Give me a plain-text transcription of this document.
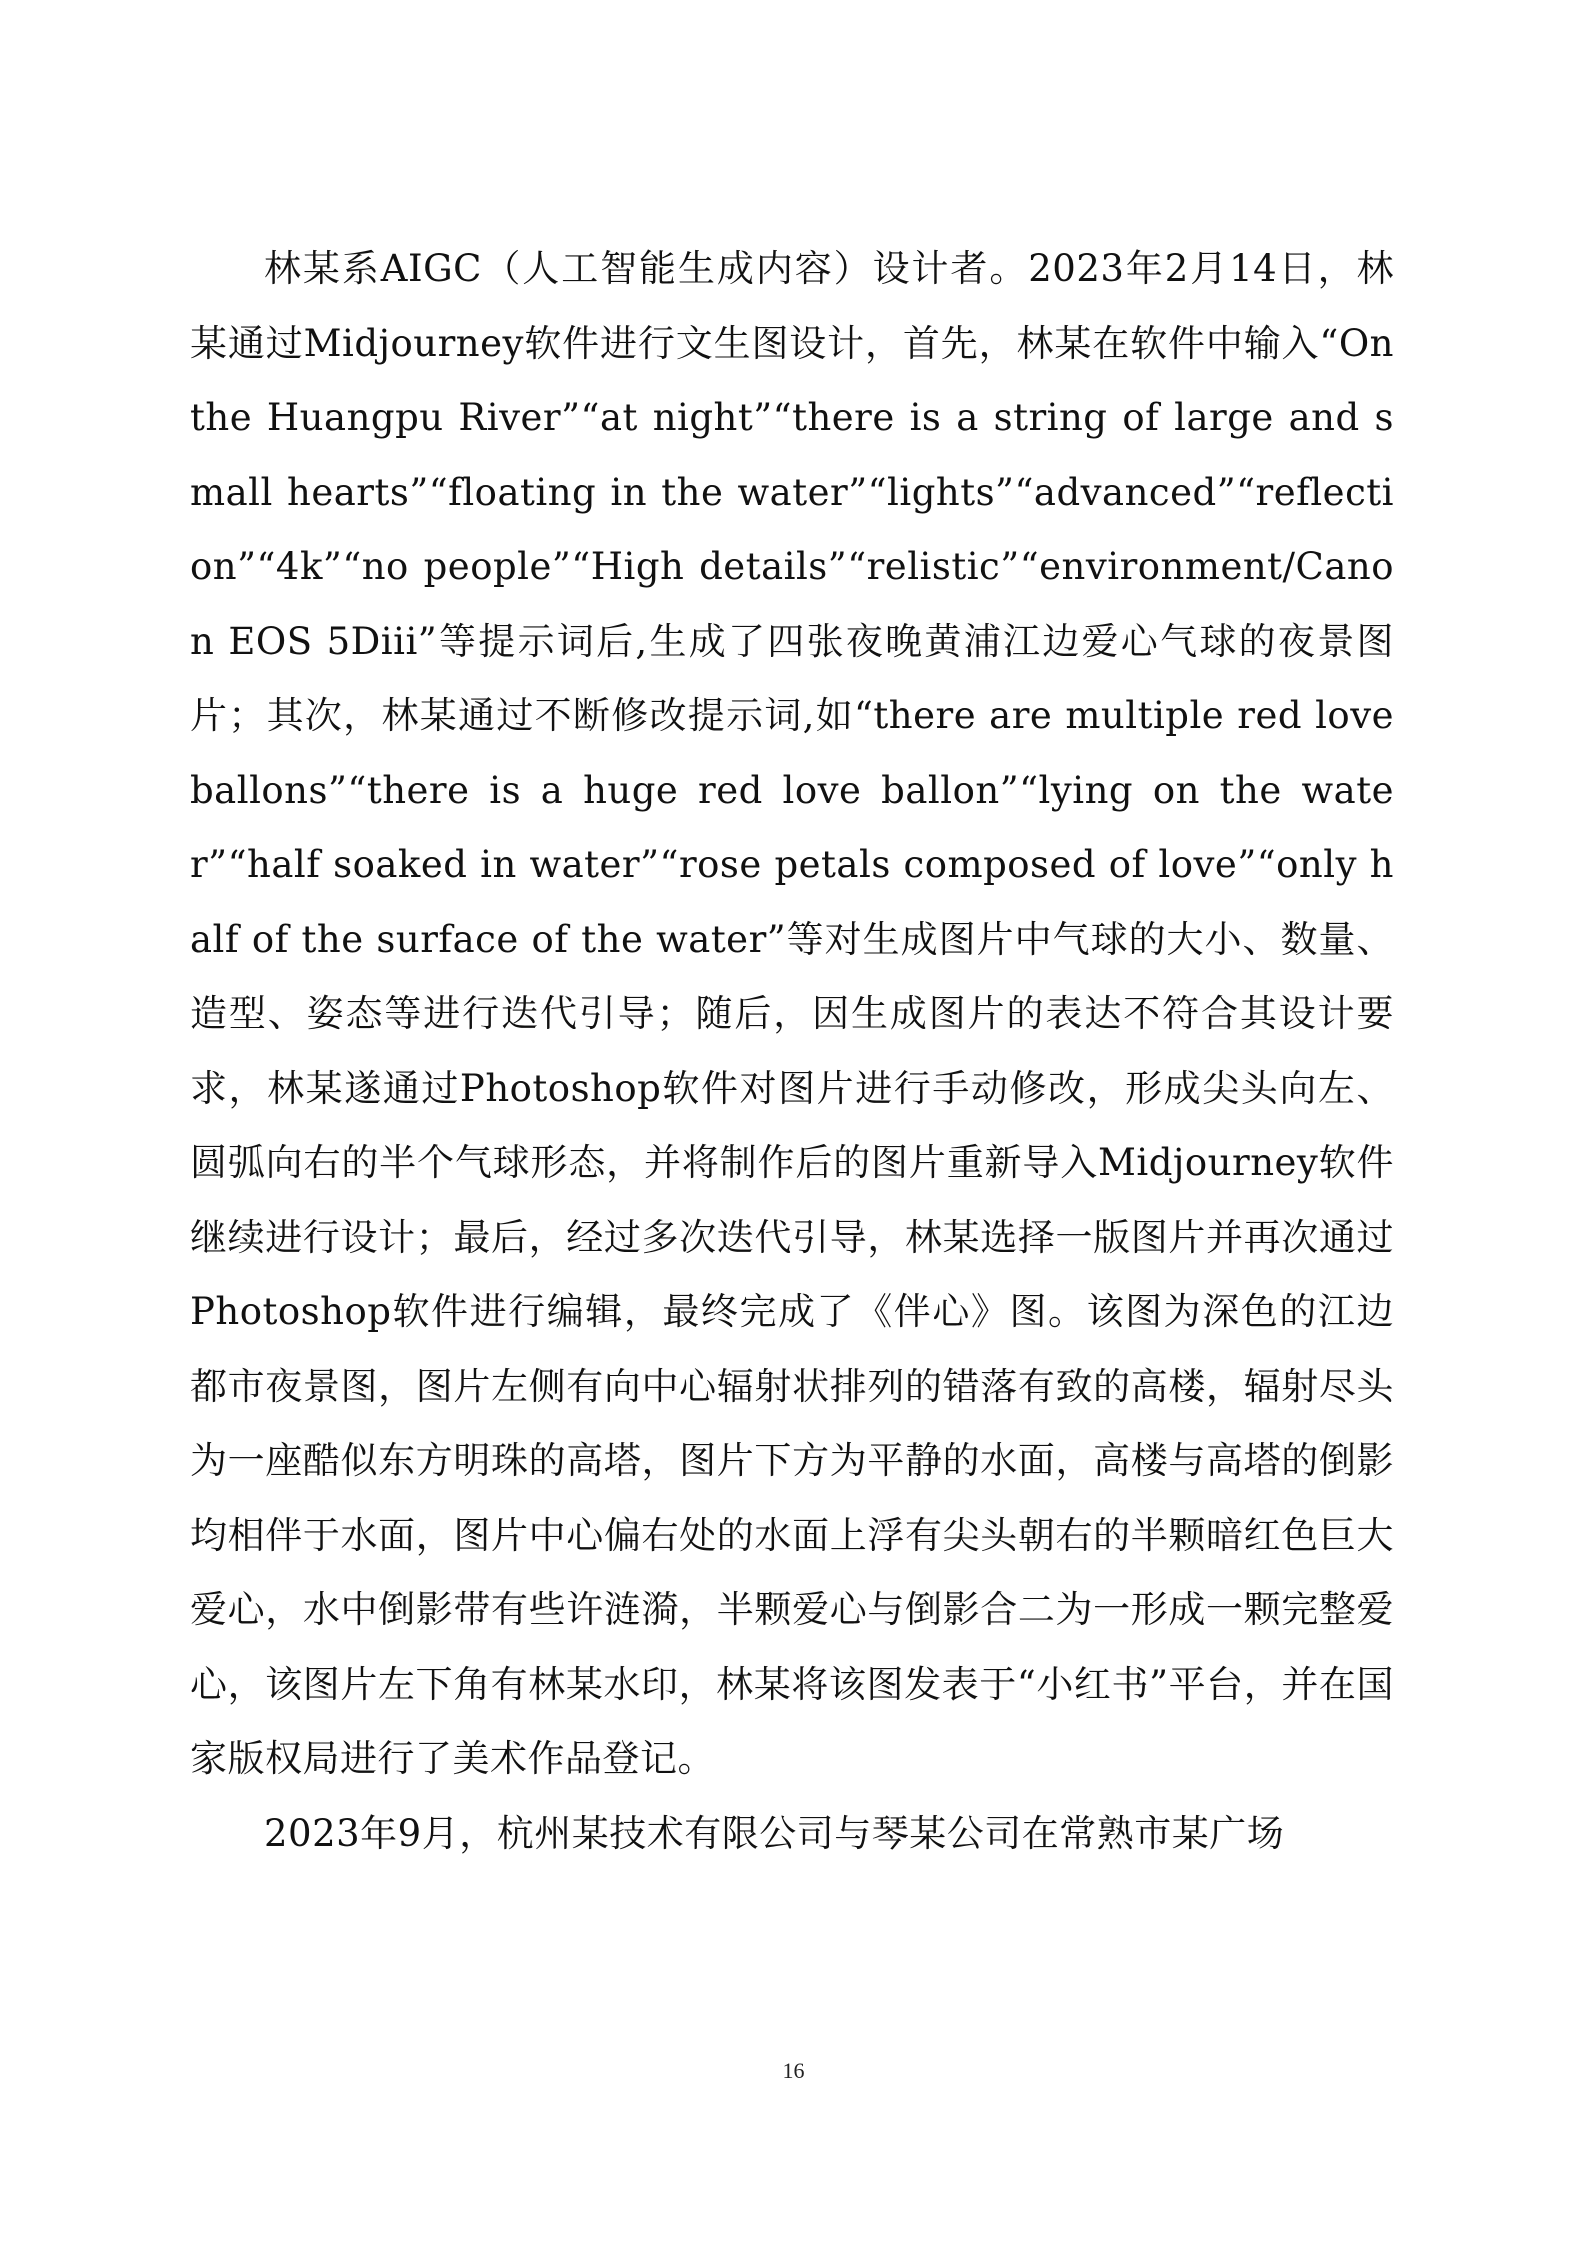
林某系AIGC（人工智能生成内容）设计者。2023年2月14日，林某通过Midjourney软件进行文生图设计，首先，林某在软件中输入“On the Huangpu River”“at night”“there is a string of large and small hearts”“floating in the water”“lights”“advanced”“reflection”“4k”“no people”“High details”“relistic”“environment/Canon EOS 5Diii”等提示词后,生成了四张夜晚黄浦江边爱心气球的夜景图片；其次，林某通过不断修改提示词,如“there are multiple red love ballons”“there is a huge red love ballon”“lying on the water”“half soaked in water”“rose petals composed of love”“only half of the surface of the water”等对生成图片中气球的大小、数量、造型、姿态等进行迭代引导；随后，因生成图片的表达不符合其设计要求，林某遂通过Photoshop软件对图片进行手动修改，形成尖头向左、圆弧向右的半个气球形态，并将制作后的图片重新导入Midjourney软件继续进行设计；最后，经过多次迭代引导，林某选择一版图片并再次通过Photoshop软件进行编辑，最终完成了《伴心》图。该图为深色的江边都市夜景图，图片左侧有向中心辐射状排列的错落有致的高楼，辐射尽头为一座酷似东方明珠的高塔，图片下方为平静的水面，高楼与高塔的倒影均相伴于水面，图片中心偏右处的水面上浮有尖头朝右的半颗暗红色巨大爱心，水中倒影带有些许涟漪，半颗爱心与倒影合二为一形成一颗完整爱心，该图片左下角有林某水印，林某将该图发表于“小红书”平台，并在国家版权局进行了美术作品登记。

2023年9月，杭州某技术有限公司与琴某公司在常熟市某广场

16
